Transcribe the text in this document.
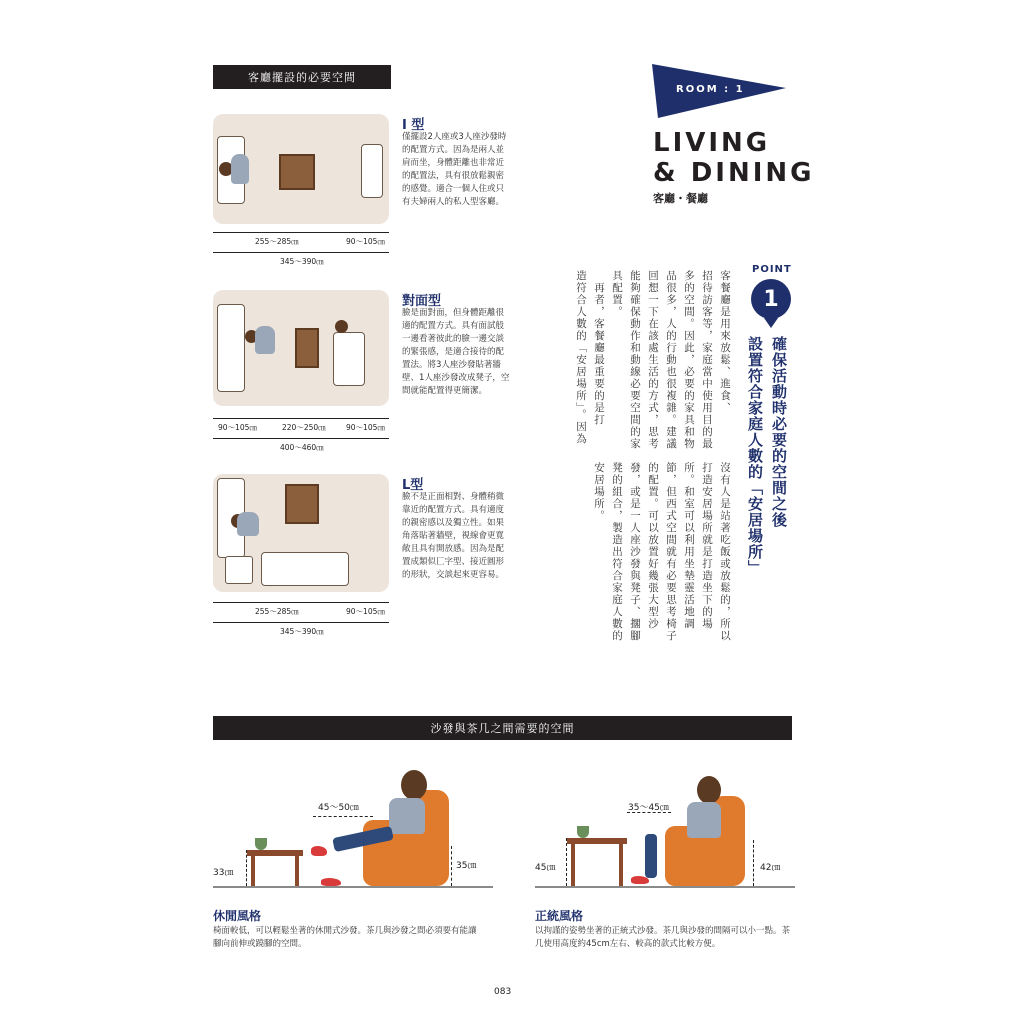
客廳擺設的必要空間
I 型
僅擺設2人座或3人座沙發時的配置方式。因為是兩人並肩而坐，身體距離也非常近的配置法，具有很放鬆親密的感覺。適合一個人住或只有夫婦兩人的私人型客廳。
255～285㎝	90～105㎝
345～390㎝
對面型
臉是面對面，但身體距離很適的配置方式。具有面試般一邊看著彼此的臉一邊交談的緊張感，是適合接待的配置法。將3人座沙發貼著牆壁、1人座沙發改成凳子，空間就能配置得更簡潔。
90～105㎝	220～250㎝	90～105㎝
400～460㎝
L型
臉不是正面相對、身體稍微靠近的配置方式。具有適度的親密感以及獨立性。如果角落貼著牆壁，視線會更寬敞且具有開放感。因為是配置成類似匚字型、接近圓形的形狀，交談起來更容易。
255～285㎝	90～105㎝
345～390㎝
ROOM : 1
LIVING
& DINING
客廳・餐廳
POINT
1
確保活動時必要的空間之後
設置符合家庭人數的「安居場所」
客餐廳是用來放鬆、進食、
招待訪客等，家庭當中使用目的最
多的空間。因此，必要的家具和物
品很多，人的行動也很複雜。建議
回想一下在該處生活的方式，思考
能夠確保動作和動線必要空間的家
具配置。
　再者，客餐廳最重要的是打
造符合人數的「安居場所」。因為
沒有人是站著吃飯或放鬆的，所以
打造安居場所就是打造坐下的場
所。和室可以利用坐墊靈活地調
節，但西式空間就有必要思考椅子
的配置。可以放置好幾張大型沙
發，或是一人座沙發與凳子、擱腳
凳的組合，製造出符合家庭人數的
安居場所。
沙發與茶几之間需要的空間
45～50㎝
33㎝
35㎝
休閒風格
椅面較低，可以輕鬆坐著的休閒式沙發。茶几與沙發之間必須要有能讓腳向前伸或蹺腳的空間。
35～45㎝
45㎝	42㎝
正統風格
以拘謹的姿勢坐著的正統式沙發。茶几與沙發的間隔可以小一點。茶几使用高度約45cm左右、較高的款式比較方便。
083
